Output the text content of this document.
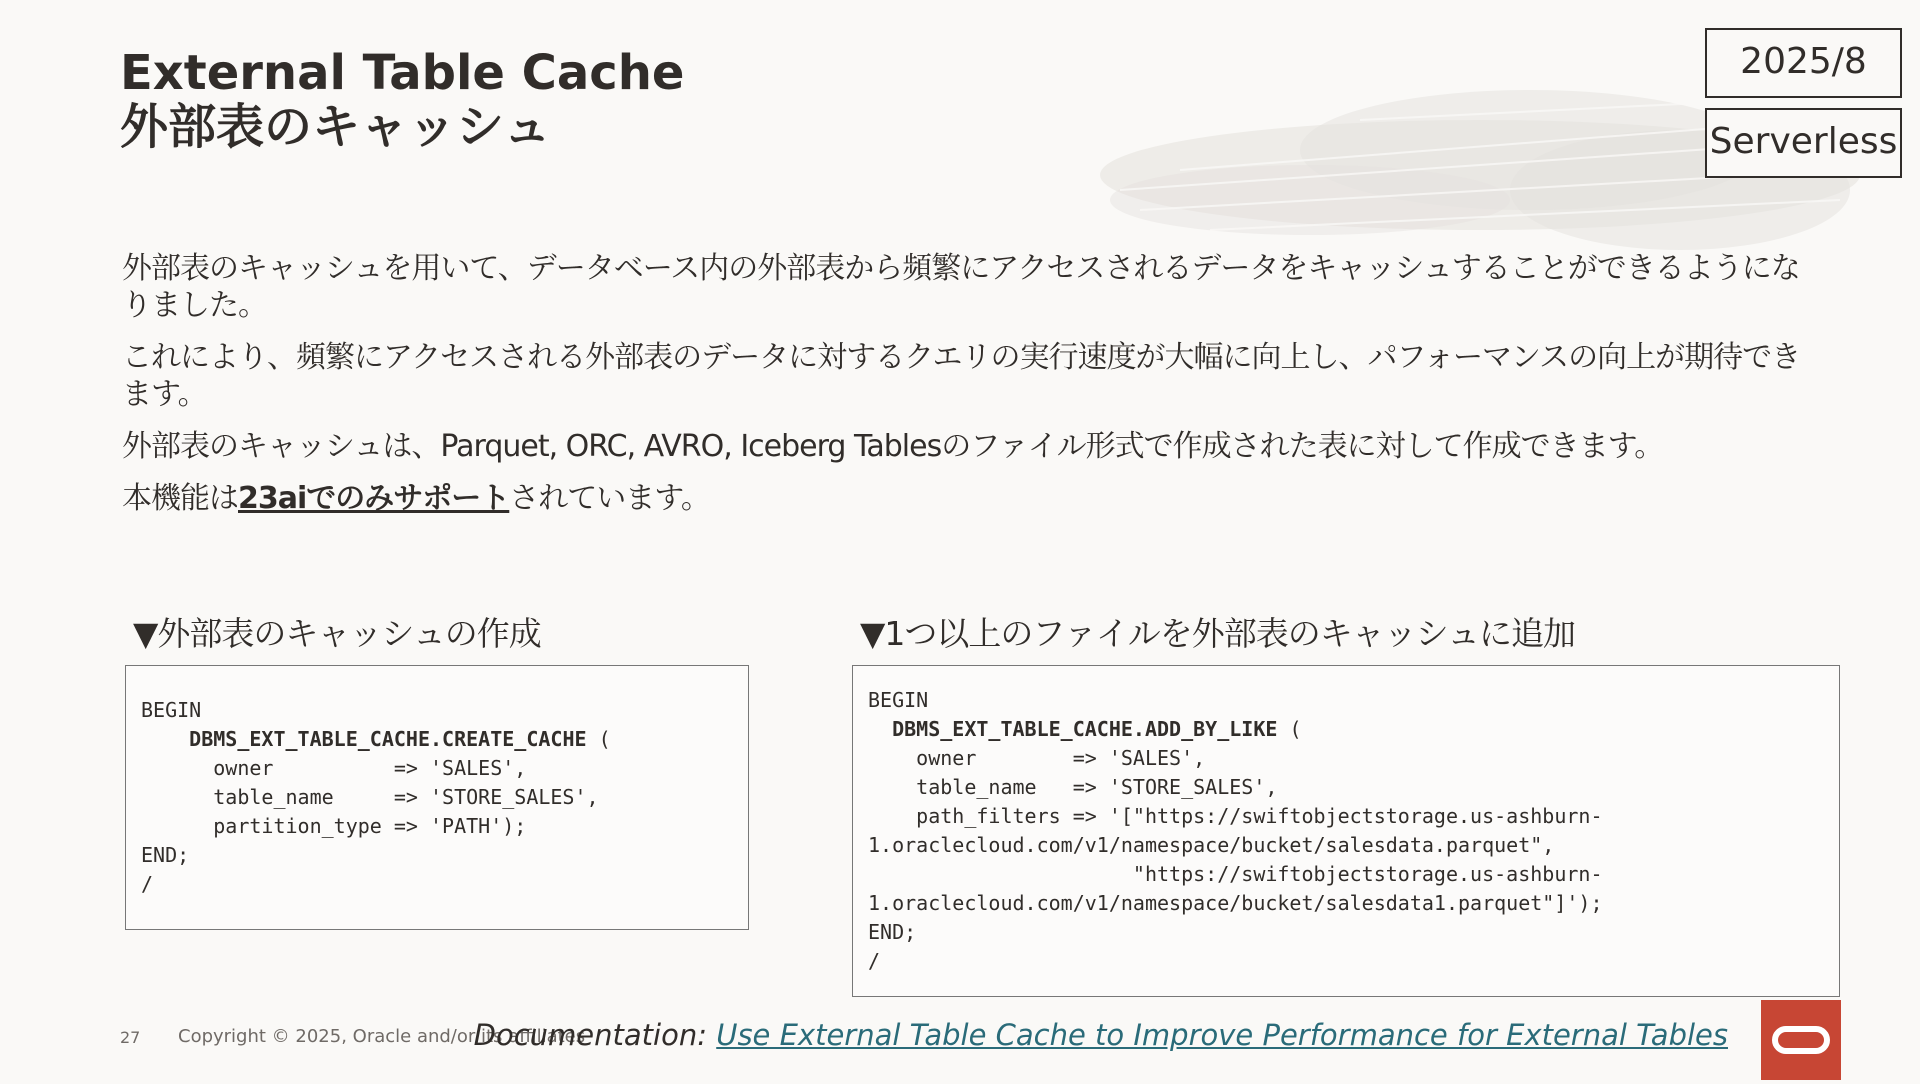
External Table Cache
外部表のキャッシュ
2025/8
Serverless

外部表のキャッシュを用いて、データベース内の外部表から頻繁にアクセスされるデータをキャッシュすることができるようになりました。

これにより、頻繁にアクセスされる外部表のデータに対するクエリの実行速度が大幅に向上し、パフォーマンスの向上が期待できます。

外部表のキャッシュは、Parquet, ORC, AVRO, Iceberg Tablesのファイル形式で作成された表に対して作成できます。

本機能は23aiでのみサポートされています。

▼外部表のキャッシュの作成	▼1つ以上のファイルを外部表のキャッシュに追加
BEGIN
DBMS_EXT_TABLE_CACHE.CREATE_CACHE (
owner          => 'SALES',
table_name     => 'STORE_SALES',
partition_type => 'PATH');
END;
/
BEGIN
DBMS_EXT_TABLE_CACHE.ADD_BY_LIKE (
owner        => 'SALES',
table_name   => 'STORE_SALES',
path_filters => '["https://swiftobjectstorage.us-ashburn-
1.oraclecloud.com/v1/namespace/bucket/salesdata.parquet",
"https://swiftobjectstorage.us-ashburn-
1.oraclecloud.com/v1/namespace/bucket/salesdata1.parquet"]');
END;
/
27 Copyright © 2025, Oracle and/or its affiliates
Documentation: Use External Table Cache to Improve Performance for External Tables
